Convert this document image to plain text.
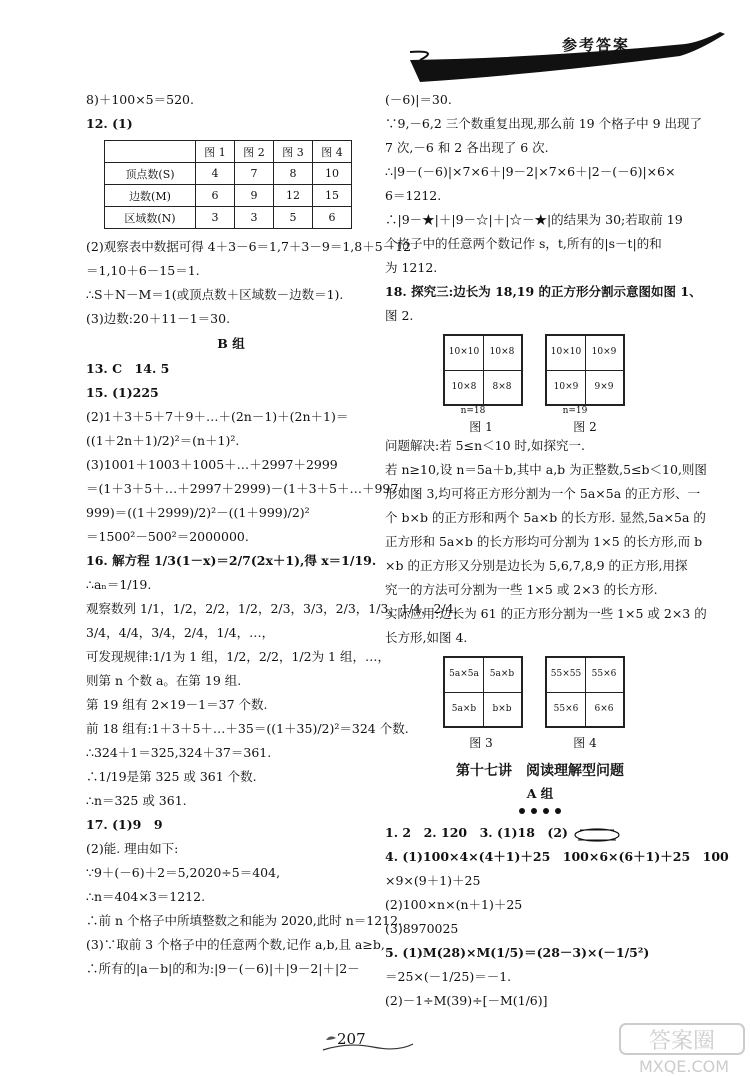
参考答案
8)＋100×5＝520.
12. (1)
	图 1	图 2	图 3	图 4
顶点数(S)	4	7	8	10
边数(M)	6	9	12	15
区域数(N)	3	3	5	6
(2)观察表中数据可得 4＋3－6＝1,7＋3－9＝1,8＋5－12
＝1,10＋6－15＝1.
∴S＋N－M＝1(或顶点数＋区域数－边数＝1).
(3)边数:20＋11－1＝30.
B 组
13. C　14. 5
15. (1)225
(2)1＋3＋5＋7＋9＋…＋(2n－1)＋(2n＋1)＝
((1＋2n＋1)/2)²＝(n＋1)².
(3)1001＋1003＋1005＋…＋2997＋2999
＝(1＋3＋5＋…＋2997＋2999)－(1＋3＋5＋…＋997＋
999)＝((1＋2999)/2)²－((1＋999)/2)²
＝1500²－500²＝2000000.
16. 解方程 1/3(1－x)＝2/7(2x＋1),得 x＝1/19.
∴aₙ＝1/19.
观察数列 1/1，1/2，2/2，1/2，2/3，3/3，2/3，1/3，1/4，2/4，
3/4，4/4，3/4，2/4，1/4，…，
可发现规律:1/1为 1 组，1/2，2/2，1/2为 1 组，…，
则第 n 个数 a。在第 19 组.
第 19 组有 2×19－1＝37 个数.
前 18 组有:1＋3＋5＋…＋35＝((1＋35)/2)²＝324 个数.
∴324＋1＝325,324＋37＝361.
∴1/19是第 325 或 361 个数.
∴n＝325 或 361.
17. (1)9　9
(2)能. 理由如下:
∵9＋(－6)＋2＝5,2020÷5＝404,
∴n＝404×3＝1212.
∴前 n 个格子中所填整数之和能为 2020,此时 n＝1212.
(3)∵取前 3 个格子中的任意两个数,记作 a,b,且 a≥b,
∴所有的|a－b|的和为:|9－(－6)|＋|9－2|＋|2－
(－6)|＝30.
∵9,－6,2 三个数重复出现,那么前 19 个格子中 9 出现了
7 次,－6 和 2 各出现了 6 次.
∴|9－(－6)|×7×6＋|9－2|×7×6＋|2－(－6)|×6×
6＝1212.
∴|9－★|＋|9－☆|＋|☆－★|的结果为 30;若取前 19
个格子中的任意两个数记作 s，t,所有的|s－t|的和
为 1212.
18. 探究三:边长为 18,19 的正方形分割示意图如图 1、
图 2.
10×10	10×8
10×8	8×8
n=18
图 1
10×10	10×9
10×9	9×9
n=19
图 2
问题解决:若 5≤n＜10 时,如探究一.
若 n≥10,设 n＝5a＋b,其中 a,b 为正整数,5≤b＜10,则图
形如图 3,均可将正方形分割为一个 5a×5a 的正方形、一
个 b×b 的正方形和两个 5a×b 的长方形. 显然,5a×5a 的
正方形和 5a×b 的长方形均可分割为 1×5 的长方形,而 b
×b 的正方形又分别是边长为 5,6,7,8,9 的正方形,用探
究一的方法可分割为一些 1×5 或 2×3 的长方形.
实际应用:边长为 61 的正方形分割为一些 1×5 或 2×3 的
长方形,如图 4.
5a×5a	5a×b
5a×b	b×b
图 3
55×55	55×6
55×6	6×6
图 4
第十七讲　阅读理解型问题
A 组
1. 2　2. 120　3. (1)18　(2)
4. (1)100×4×(4＋1)＋25　100×6×(6＋1)＋25　100
×9×(9＋1)＋25
(2)100×n×(n＋1)＋25
(3)8970025
5. (1)M(28)×M(1/5)＝(28－3)×(－1/5²)
＝25×(－1/25)＝－1.
(2)－1÷M(39)÷[－M(1/6)]
207	答案圈
MXQE.COM
